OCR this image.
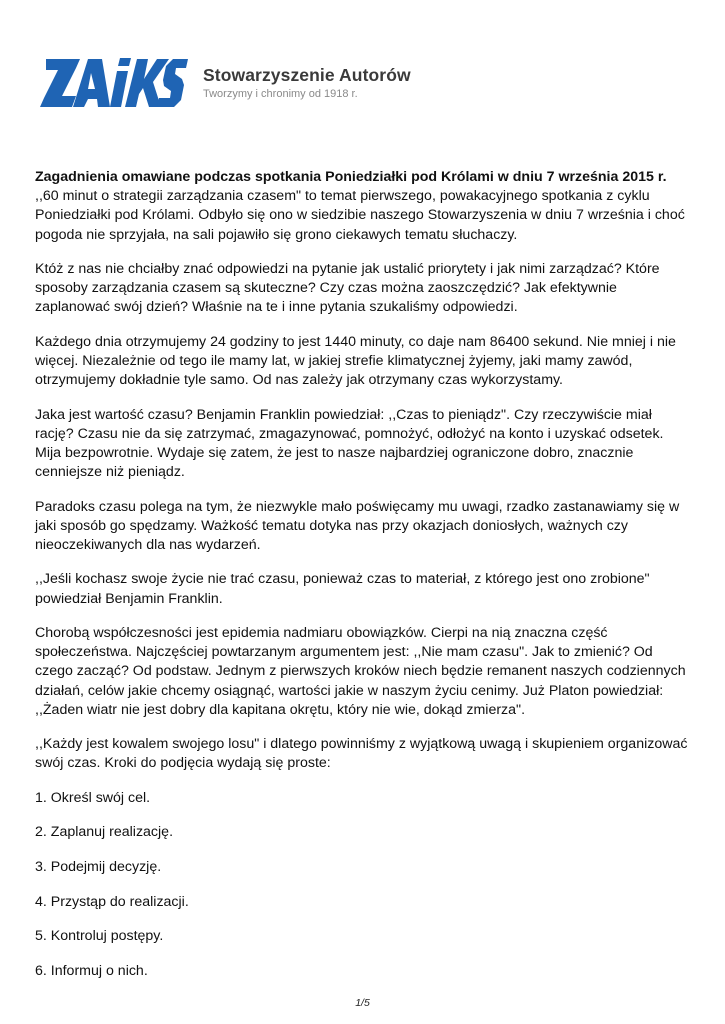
Stowarzyszenie Autorów
Tworzymy i chronimy od 1918 r.

Zagadnienia omawiane podczas spotkania Poniedziałki pod Królami w dniu 7 września 2015 r. ,,60 minut o strategii zarządzania czasem" to temat pierwszego, powakacyjnego spotkania z cyklu Poniedziałki pod Królami. Odbyło się ono w siedzibie naszego Stowarzyszenia w dniu 7 września i choć pogoda nie sprzyjała, na sali pojawiło się grono ciekawych tematu słuchaczy.

Któż z nas nie chciałby znać odpowiedzi na pytanie jak ustalić priorytety i jak nimi zarządzać? Które sposoby zarządzania czasem są skuteczne? Czy czas można zaoszczędzić? Jak efektywnie zaplanować swój dzień? Właśnie na te i inne pytania szukaliśmy odpowiedzi.

Każdego dnia otrzymujemy 24 godziny to jest 1440 minuty, co daje nam 86400 sekund. Nie mniej i nie więcej. Niezależnie od tego ile mamy lat, w jakiej strefie klimatycznej żyjemy, jaki mamy zawód, otrzymujemy dokładnie tyle samo. Od nas zależy jak otrzymany czas wykorzystamy.

Jaka jest wartość czasu? Benjamin Franklin powiedział: ,,Czas to pieniądz". Czy rzeczywiście miał rację? Czasu nie da się zatrzymać, zmagazynować, pomnożyć, odłożyć na konto i uzyskać odsetek. Mija bezpowrotnie. Wydaje się zatem, że jest to nasze najbardziej ograniczone dobro, znacznie cenniejsze niż pieniądz.

Paradoks czasu polega na tym, że niezwykle mało poświęcamy mu uwagi, rzadko zastanawiamy się w jaki sposób go spędzamy. Ważkość tematu dotyka nas przy okazjach doniosłych, ważnych czy nieoczekiwanych dla nas wydarzeń.

,,Jeśli kochasz swoje życie nie trać czasu, ponieważ czas to materiał, z którego jest ono zrobione" powiedział Benjamin Franklin.

Chorobą współczesności jest epidemia nadmiaru obowiązków. Cierpi na nią znaczna część społeczeństwa. Najczęściej powtarzanym argumentem jest: ,,Nie mam czasu". Jak to zmienić? Od czego zacząć? Od podstaw. Jednym z pierwszych kroków niech będzie remanent naszych codziennych działań, celów jakie chcemy osiągnąć, wartości jakie w naszym życiu cenimy. Już Platon powiedział: ,,Żaden wiatr nie jest dobry dla kapitana okrętu, który nie wie, dokąd zmierza".

,,Każdy jest kowalem swojego losu" i dlatego powinniśmy z wyjątkową uwagą i skupieniem organizować swój czas. Kroki do podjęcia wydają się proste:

1. Określ swój cel.

2. Zaplanuj realizację.

3. Podejmij decyzję.

4. Przystąp do realizacji.

5. Kontroluj postępy.

6. Informuj o nich.

1/5
